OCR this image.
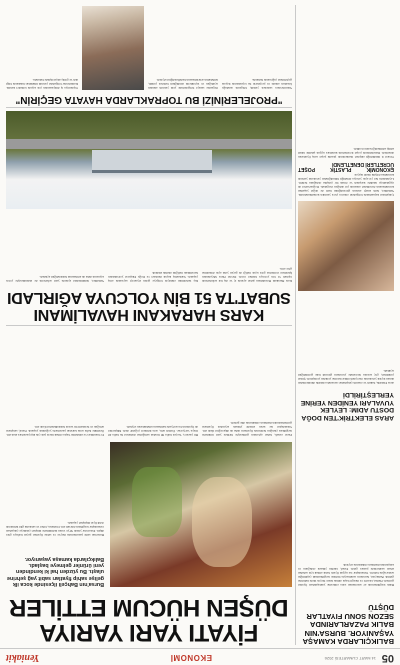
05
14 MART CUMARTESİ 2026
EKONOMİ
Yeniakit
BALIKÇILARDA KAMAŞA YAŞANIYOR. BURSA'NIN BALIK PAZARLARINDA SEZON SONU FIYATLAR DÜŞTÜ

Balık tezgâhlarında av sezonunun sona ermesine yaklaşılırken fiyatlar geriledi. Hamsi, istavrit ve mezgit başta olmak üzere birçok türde indirime gidildi. Balıkçılar, havaların ısınmasıyla birlikte tezgâhlardaki çeşitliliğin azalacağını belirtti. Vatandaşlar ise uygun fiyatlı balık almak için sabahın erken saatlerinde pazara geldi. Esnaf, talebin yüksek olduğunu ve satışlardan memnun olduklarını söyledi.

ARAS ELEKTRİK'TEN DOĞA DOSTU ADIM: LEYLEK YUVALARI YENİDEN YERİNE YERLEŞTİRİLDİ

Aras Elektrik, bakım ve onarım çalışmaları sırasında elektrik direklerinden alınan leylek yuvalarını özel platformlar üzerine yeniden yerleştirdi. Şirket yetkilileri, göç sezonu öncesinde yuvaların güvenli hale getirildiğini açıkladı.

Çalışmalar kapsamında bölgedeki onlarca yuva yeniden konumlandırıldı. Yetkililer, hem enerji arzının güvenliğinin hem de doğal yaşamın korunmasının öncelikleri arasında yer aldığını vurguladı. Doğaseverler de uygulamayı takdirle karşıladı ve örnek bir çalışma olduğunu belirtti. Leyleklerin her yıl aynı yuvaya döndüğü bilindiğinden yuvaların yerinde korunması büyük önem taşıyor.

EKONOMİK PLASTİK POŞET ÜCRETLERİ DENETLENDİ

Ticaret il müdürlüğü ekipleri marketlerde plastik poşet satış fiyatlarını denetledi. Denetimlerde poşet ücretlerinin kurallara uygun şekilde tahsil edilip edilmediği kontrol edildi.

FİYATI YARI YARIYA DÜŞEN HÜCUM ETTİLER
Bursa'nın Bahçeli ilçesinde koca ilk gelişe sahip fiyatları sabit yağ şehrine ulaştı. Bu yüzden hal ki kendinden yeni ürünler gelmeye başladı. Balıkçılarda kamaşa yaşanıyor.

Bursa'nın semt pazarlarında meyve ve sebze fiyatları geçen haftaya göre düştü. Pazarcılar yüzde 50'ye varan indirimlerle müşteri çekmeye çalışırken vatandaşlar tezgâhlara hücum etti. Domates, biber ve salatalık gibi ürünlerde ciddi fiyat düşüşleri yaşandı.

Pazar esnafı, bahar aylarının gelmesiyle birlikte yeni ürünlerin tezgâhlara çıktığını belirterek fiyatların daha da düşeceğini ifade etti. Vatandaşlar ise uzun süredir yüksek seyreden fiyatların gerilemesinden memnun olduklarını dile getirdi.

Bir pazarcı, 'Geçen hafta 80 liradan sattığımız domatesi bu hafta 40 liraya veriyoruz. Üretim arttı, sera ürünleri çoğaldı' dedi. Müşteriler de fiyatların bu seviyede kalmasını umduklarını söyledi.

Ev hanımları ve emekliler başta olmak üzere pek çok kişi pazarlara akın etti. Özellikle hafta sonu kurulan pazarlarda yoğunluk yaşandı. Esnaf, satışların arttığını ve bereketli bir sezon beklediklerini ifade etti.

KARS HARAKANI HAVALİMANI SUBAT'TA 51 BİN YOLCUYA AĞIRLADI

Kars Harakani Havalimanı şubat ayında iç ve dış hat seferlerinde toplam 51 bin yolcuya hizmet verdi. Devlet Hava Meydanları İşletmesi verilerine göre uçak trafiği de geçen yılın aynı dönemine göre arttı.

Kış turizminin etkisiyle bölgeye gelen ziyaretçi sayısında artış yaşandı. Sarıkamış kayak merkezi ve Doğu Ekspresi yolculukları havalimanı trafiğini olumlu etkiledi.

Yetkililer, önümüzdeki aylarda yeni seferlerin de eklenmesiyle yolcu sayısının daha da artmasının beklendiğini açıkladı.

"PROJELERİNİZİ BU TOPRAKLARDA HAYATA GEÇİRİN"

Yatırımcılara seslenen yetkili, bölgenin sunduğu fırsatları anlattı ve projelerin bu topraklarda hayata geçirilmesi çağrısında bulundu.

Organize sanayi bölgelerinde yeni yatırım alanları açıldığını ve teşviklerin sürdüğünü belirten yetkili, istihdamın artırılmasının hedeflendiğini söyledi.

Toplantıya iş dünyasından çok sayıda temsilci katıldı. Katılımcılar bölgedeki yatırım imkânları hakkında bilgi aldı ve görüş alışverişinde bulundu.
